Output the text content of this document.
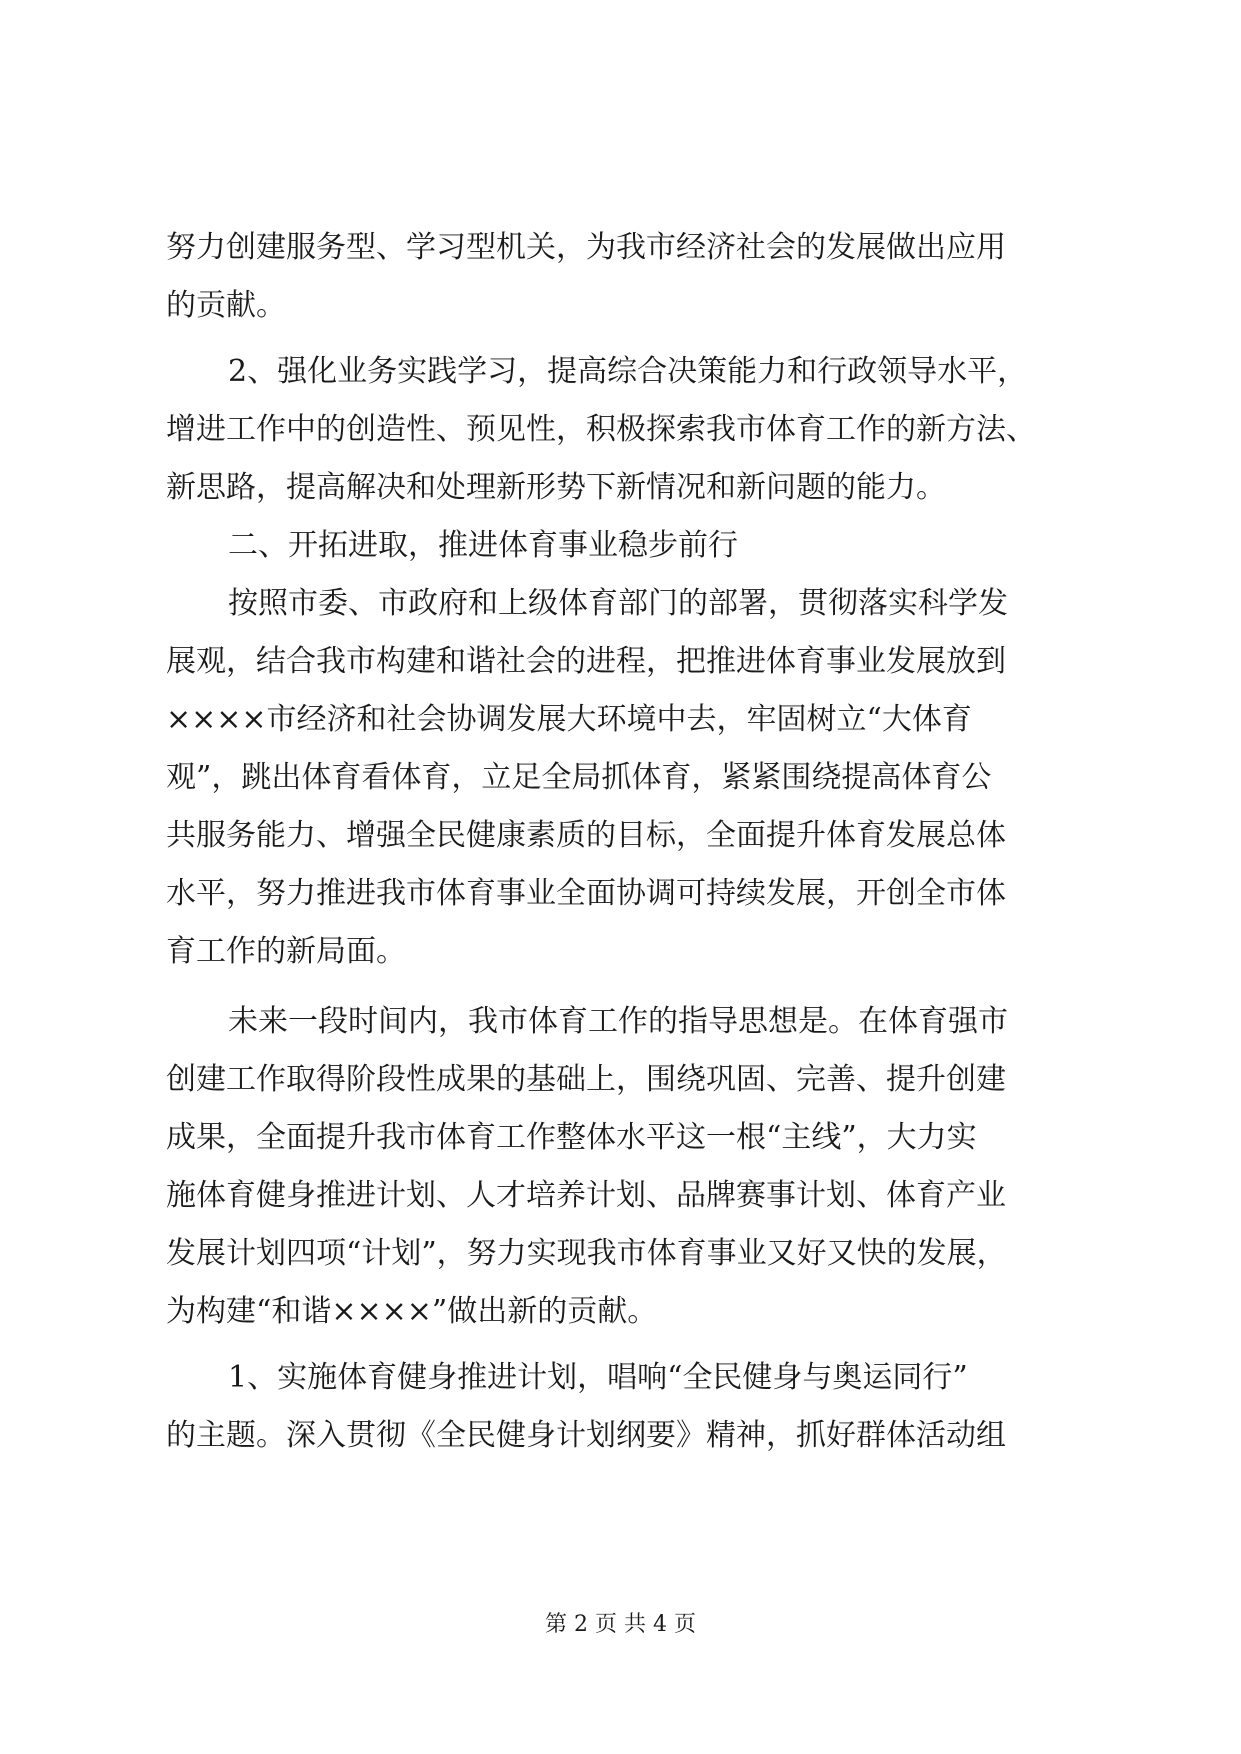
努力创建服务型、学习型机关，为我市经济社会的发展做出应用
的贡献。
2、强化业务实践学习，提高综合决策能力和行政领导水平，
增进工作中的创造性、预见性，积极探索我市体育工作的新方法、
新思路，提高解决和处理新形势下新情况和新问题的能力。
二、开拓进取，推进体育事业稳步前行
按照市委、市政府和上级体育部门的部署，贯彻落实科学发
展观，结合我市构建和谐社会的进程，把推进体育事业发展放到
××××市经济和社会协调发展大环境中去，牢固树立“大体育
观”，跳出体育看体育，立足全局抓体育，紧紧围绕提高体育公
共服务能力、增强全民健康素质的目标，全面提升体育发展总体
水平，努力推进我市体育事业全面协调可持续发展，开创全市体
育工作的新局面。
未来一段时间内，我市体育工作的指导思想是。在体育强市
创建工作取得阶段性成果的基础上，围绕巩固、完善、提升创建
成果，全面提升我市体育工作整体水平这一根“主线”，大力实
施体育健身推进计划、人才培养计划、品牌赛事计划、体育产业
发展计划四项“计划”，努力实现我市体育事业又好又快的发展，
为构建“和谐××××”做出新的贡献。
1、实施体育健身推进计划，唱响“全民健身与奥运同行”
的主题。深入贯彻《全民健身计划纲要》精神，抓好群体活动组
第 2 页 共 4 页
